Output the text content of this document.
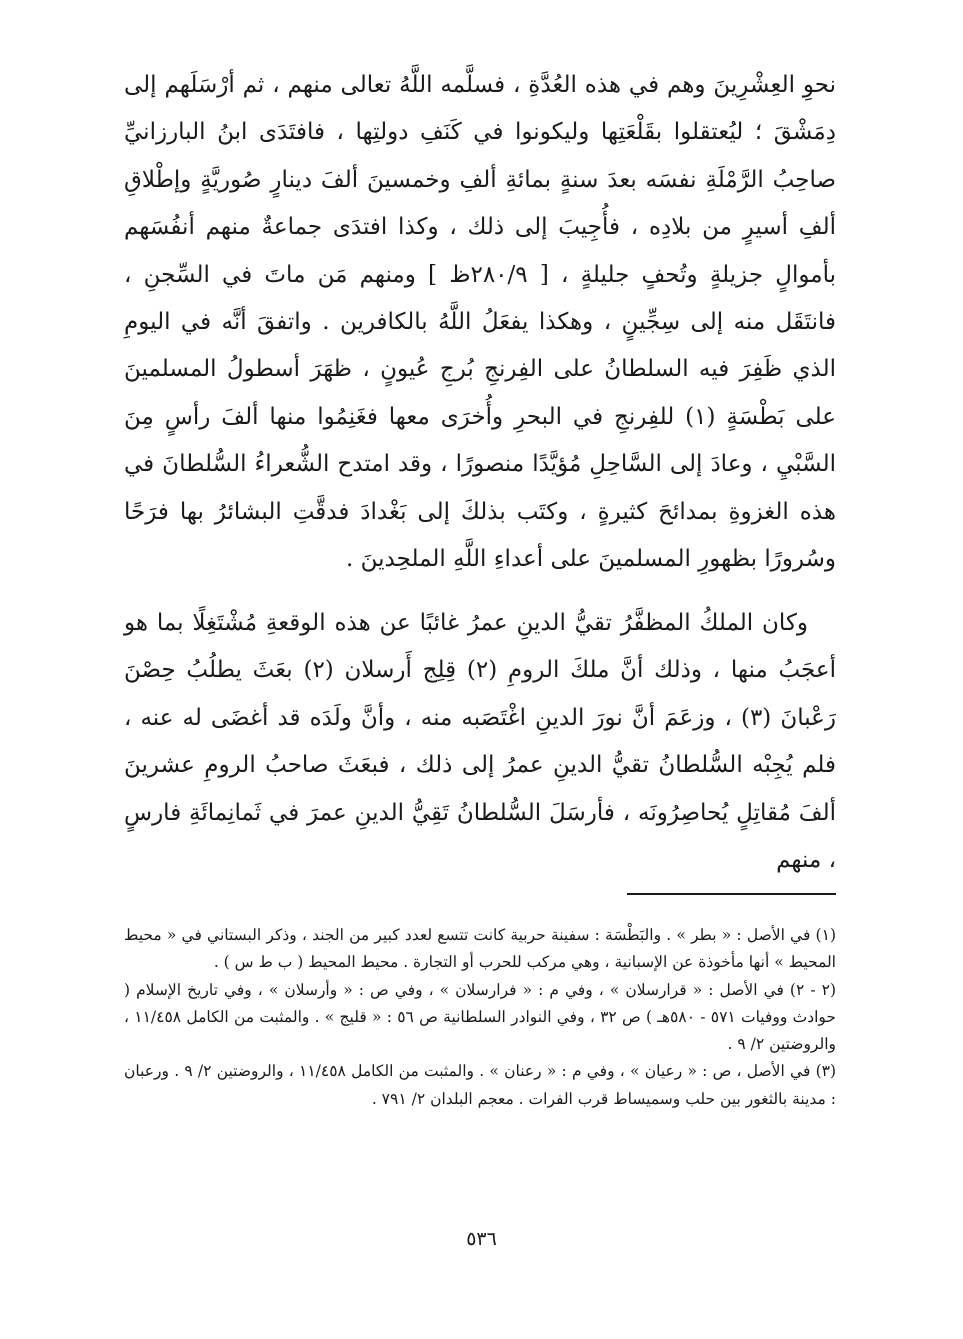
نحوِ العِشْرِينَ وهم في هذه العُدَّةِ ، فسلَّمه اللَّهُ تعالى منهم ، ثم أرْسَلَهم إلى دِمَشْقَ ؛ ليُعتقلوا بقَلْعَتِها وليكونوا في كَنَفِ دولتِها ، فافتَدَى ابنُ البارزانيِّ صاحِبُ الرَّمْلَةِ نفسَه بعدَ سنةٍ بمائةِ ألفِ وخمسينَ ألفَ دينارٍ صُوريَّةٍ وإطْلاقِ ألفِ أسيرٍ من بلادِه ، فأُجِيبَ إلى ذلك ، وكذا افتدَى جماعةٌ منهم أنفُسَهم بأموالٍ جزيلةٍ وتُحفٍ جليلةٍ ، [ ٢٨٠/٩ظ ] ومنهم مَن ماتَ في السِّجنِ ، فانتَقَل منه إلى سِجِّينٍ ، وهكذا يفعَلُ اللَّهُ بالكافرين . واتفقَ أنَّه في اليومِ الذي ظَفِرَ فيه السلطانُ على الفِرنجِ بُرجِ عُيونٍ ، ظهَرَ أسطولُ المسلمينَ على بَطْسَةٍ (١) للفِرنجِ في البحرِ وأُخرَى معها فغَنِمُوا منها ألفَ رأسٍ مِنَ السَّبْيِ ، وعادَ إلى السَّاحِلِ مُؤيَّدًا منصورًا ، وقد امتدح الشُّعراءُ السُّلطانَ في هذه الغزوةِ بمدائحَ كثيرةٍ ، وكتَب بذلكَ إلى بَغْدادَ فدقَّتِ البشائرُ بها فرَحًا وسُرورًا بظهورِ المسلمينَ على أعداءِ اللَّهِ الملحِدينَ .

وكان الملكُ المظفَّرُ تقيُّ الدينِ عمرُ غائبًا عن هذه الوقعةِ مُشْتَغِلًا بما هو أعجَبُ منها ، وذلك أنَّ ملكَ الرومِ (٢) قِلِج أَرسلان (٢) بعَثَ يطلُبُ حِصْنَ رَعْبانَ (٣) ، وزعَمَ أنَّ نورَ الدينِ اغْتَصَبه منه ، وأنَّ ولَدَه قد أغضَى له عنه ، فلم يُجِبْه السُّلطانُ تقيُّ الدينِ عمرُ إلى ذلك ، فبعَثَ صاحبُ الرومِ عشرينَ ألفَ مُقاتِلٍ يُحاصِرُونَه ، فأرسَلَ السُّلطانُ تَقِيُّ الدينِ عمرَ في ثَمانِمائَةِ فارسٍ ، منهم

(١) في الأصل : « بطر » . والبَطْسَة : سفينة حربية كانت تتسع لعدد كبير من الجند ، وذكر البستاني في « محيط المحيط » أنها مأخوذة عن الإسبانية ، وهي مركب للحرب أو التجارة . محيط المحيط ( ب ط س ) .

(٢ - ٢) في الأصل : « قرارسلان » ، وفي م : « فرارسلان » ، وفي ص : « وأرسلان » ، وفي تاريخ الإسلام ( حوادث ووفيات ٥٧١ - ٥٨٠هـ ) ص ٣٢ ، وفي النوادر السلطانية ص ٥٦ : « قليج » . والمثبت من الكامل ١١/٤٥٨ ، والروضتين ٢/ ٩ .

(٣) في الأصل ، ص : « رعيان » ، وفي م : « رعنان » . والمثبت من الكامل ١١/٤٥٨ ، والروضتين ٢/ ٩ . ورعبان : مدينة بالثغور بين حلب وسميساط قرب الفرات . معجم البلدان ٢/ ٧٩١ .

٥٣٦
